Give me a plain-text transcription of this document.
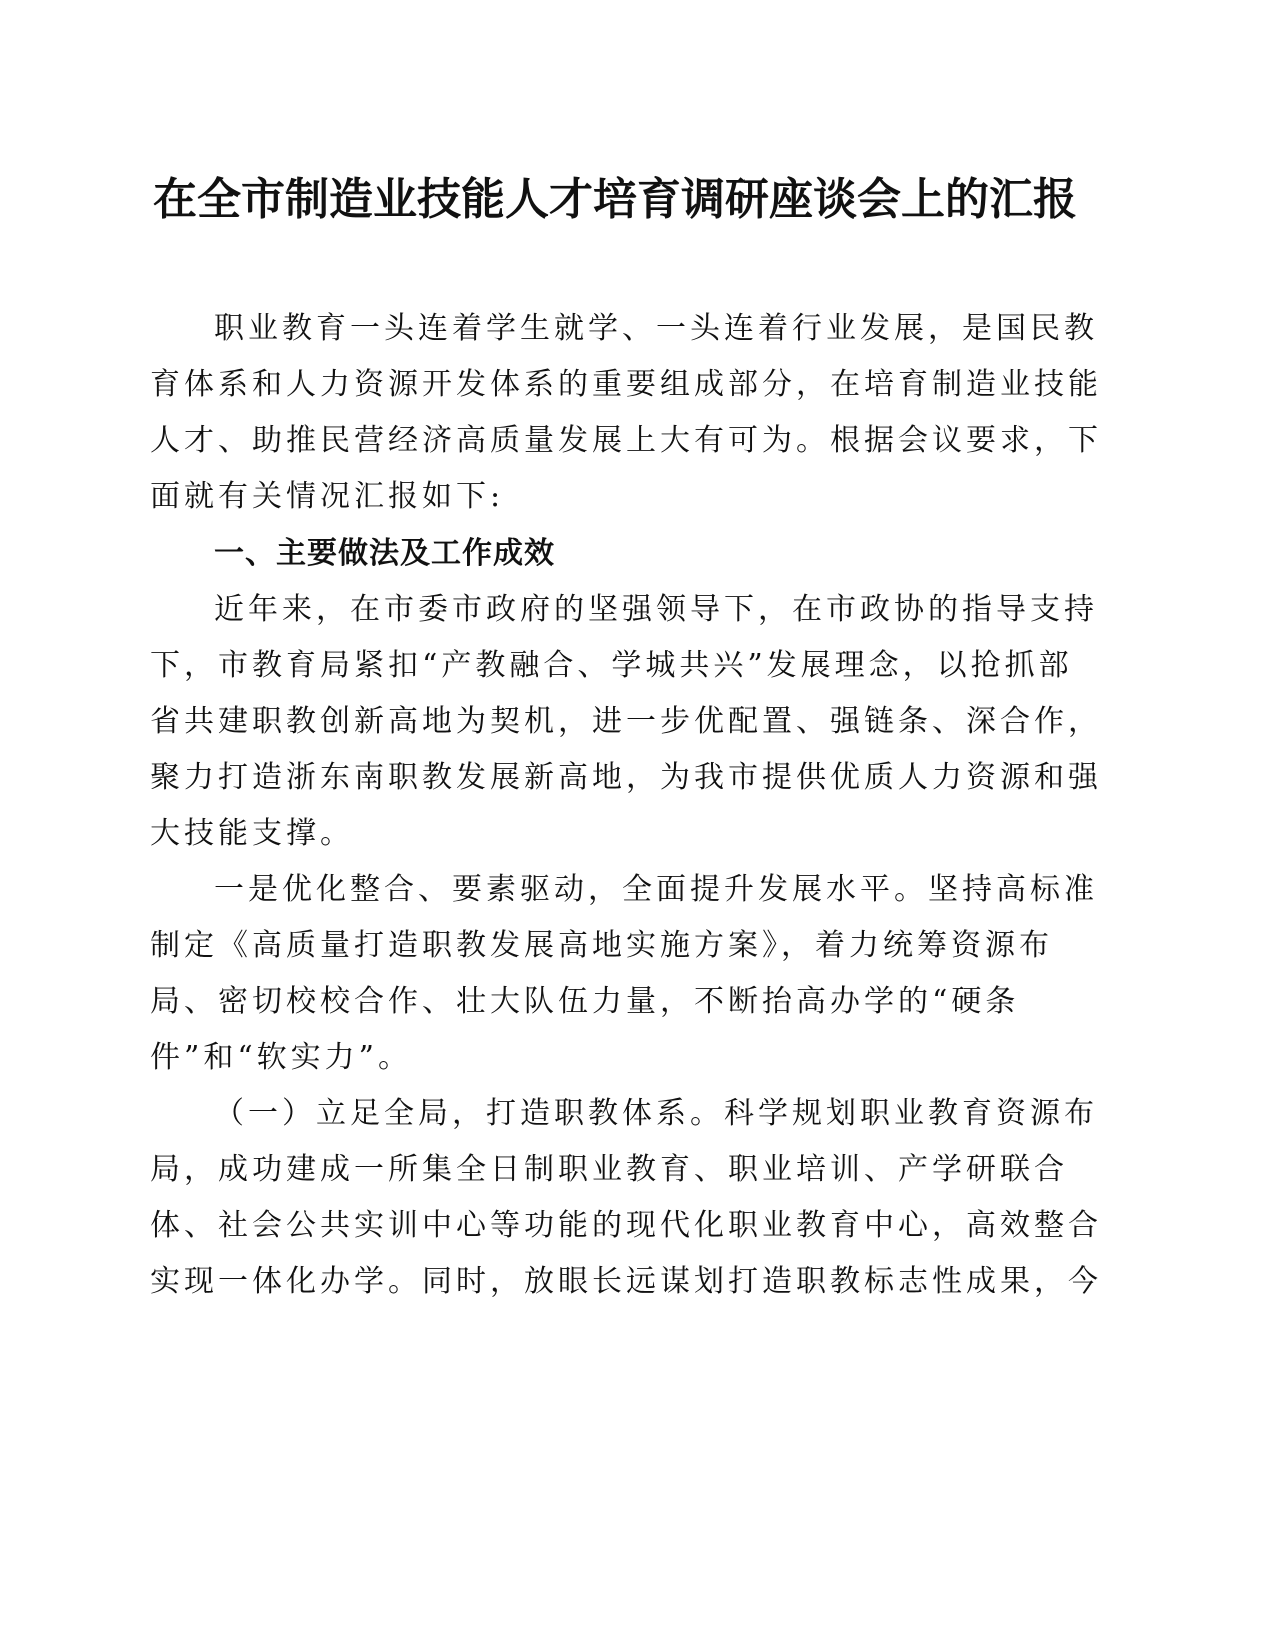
在全市制造业技能人才培育调研座谈会上的汇报

职业教育一头连着学生就学、一头连着行业发展，是国民教

育体系和人力资源开发体系的重要组成部分，在培育制造业技能

人才、助推民营经济高质量发展上大有可为。根据会议要求，下

面就有关情况汇报如下:

一、主要做法及工作成效

近年来，在市委市政府的坚强领导下，在市政协的指导支持

下，市教育局紧扣“产教融合、学城共兴”发展理念，以抢抓部

省共建职教创新高地为契机，进一步优配置、强链条、深合作，

聚力打造浙东南职教发展新高地，为我市提供优质人力资源和强

大技能支撑。

一是优化整合、要素驱动，全面提升发展水平。坚持高标准

制定《高质量打造职教发展高地实施方案》，着力统筹资源布

局、密切校校合作、壮大队伍力量，不断抬高办学的“硬条

件”和“软实力”。

（一）立足全局，打造职教体系。科学规划职业教育资源布

局，成功建成一所集全日制职业教育、职业培训、产学研联合

体、社会公共实训中心等功能的现代化职业教育中心，高效整合

实现一体化办学。同时，放眼长远谋划打造职教标志性成果，今
